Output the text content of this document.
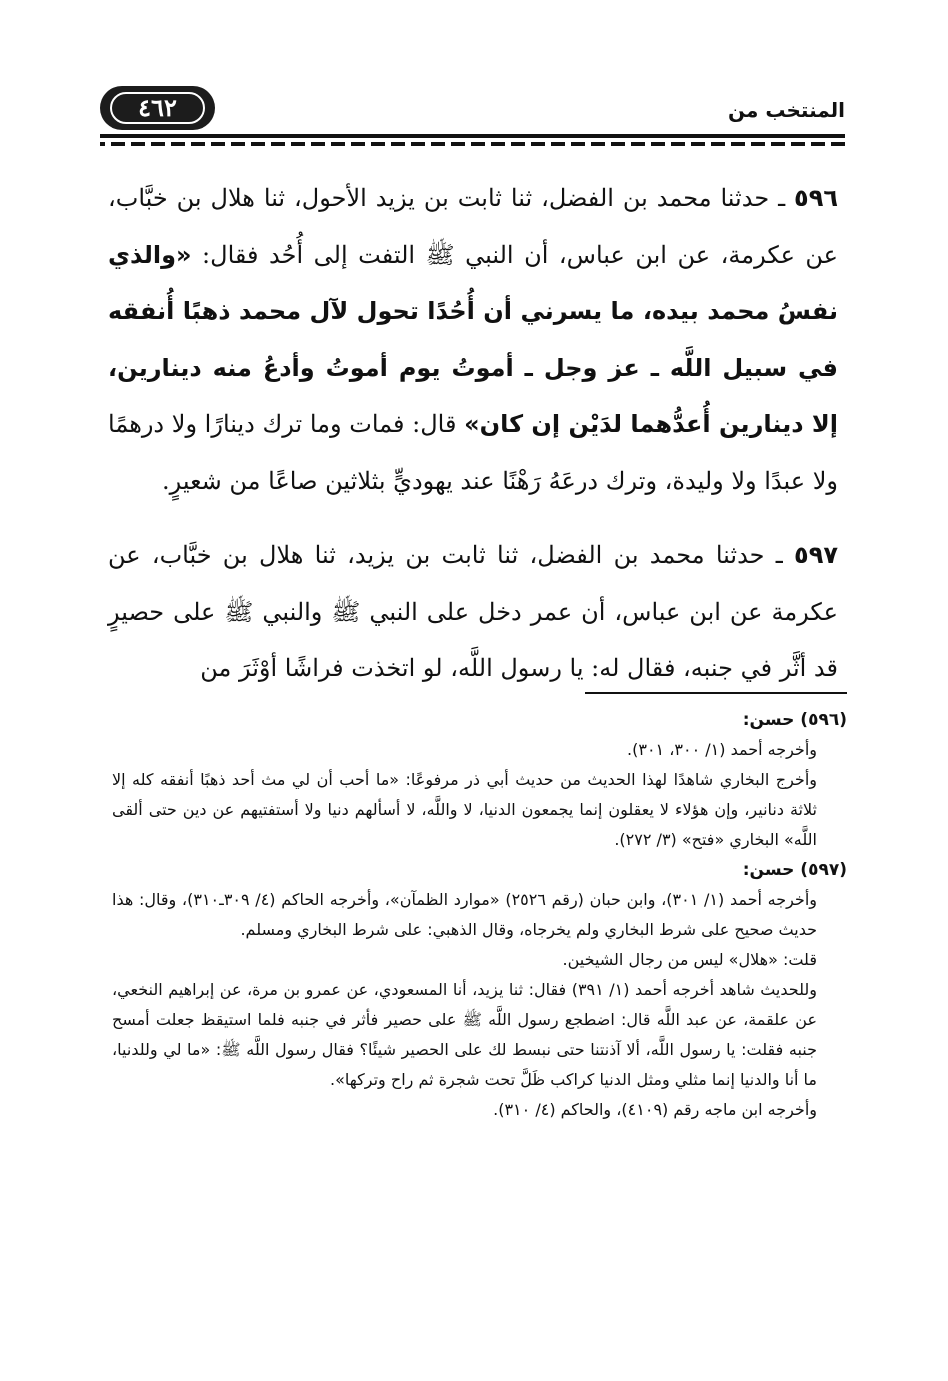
٤٦٢	المنتخب من

٥٩٦ ـ حدثنا محمد بن الفضل، ثنا ثابت بن يزيد الأحول، ثنا هلال بن خبَّاب، عن عكرمة، عن ابن عباس، أن النبي ﷺ التفت إلى أُحُد فقال: «والذي نفسُ محمد بيده، ما يسرني أن أُحُدًا تحول لآل محمد ذهبًا أُنفقه في سبيل اللَّه ـ عز وجل ـ أموتُ يوم أموتُ وأدعُ منه دينارين، إلا دينارين أُعدُّهما لدَيْن إن كان» قال: فمات وما ترك دينارًا ولا درهمًا ولا عبدًا ولا وليدة، وترك درعَهُ رَهْنًا عند يهوديٍّ بثلاثين صاعًا من شعيرٍ.

٥٩٧ ـ حدثنا محمد بن الفضل، ثنا ثابت بن يزيد، ثنا هلال بن خبَّاب، عن عكرمة عن ابن عباس، أن عمر دخل على النبي ﷺ والنبي ﷺ على حصيرٍ قد أثَّر في جنبه، فقال له: يا رسول اللَّه، لو اتخذت فراشًا أوْثَرَ من

(٥٩٦) حسن:

وأخرجه أحمد (١/ ٣٠٠، ٣٠١).

وأخرج البخاري شاهدًا لهذا الحديث من حديث أبي ذر مرفوعًا: «ما أحب أن لي مث أحد ذهبًا أنفقه كله إلا ثلاثة دنانير، وإن هؤلاء لا يعقلون إنما يجمعون الدنيا، لا واللَّه، لا أسألهم دنيا ولا أستفتيهم عن دين حتى ألقى اللَّه» البخاري «فتح» (٣/ ٢٧٢).

(٥٩٧) حسن:

وأخرجه أحمد (١/ ٣٠١)، وابن حبان (رقم ٢٥٢٦) «موارد الظمآن»، وأخرجه الحاكم (٤/ ٣٠٩ـ٣١٠)، وقال: هذا حديث صحيح على شرط البخاري ولم يخرجاه، وقال الذهبي: على شرط البخاري ومسلم.

قلت: «هلال» ليس من رجال الشيخين.

وللحديث شاهد أخرجه أحمد (١/ ٣٩١) فقال: ثنا يزيد، أنا المسعودي، عن عمرو بن مرة، عن إبراهيم النخعي، عن علقمة، عن عبد اللَّه قال: اضطجع رسول اللَّه ﷺ على حصير فأثر في جنبه فلما استيقظ جعلت أمسح جنبه فقلت: يا رسول اللَّه، ألا آذنتنا حتى نبسط لك على الحصير شيئًا؟ فقال رسول اللَّه ﷺ: «ما لي وللدنيا، ما أنا والدنيا إنما مثلي ومثل الدنيا كراكب ظَلَّ تحت شجرة ثم راح وتركها».

وأخرجه ابن ماجه رقم (٤١٠٩)، والحاكم (٤/ ٣١٠).
